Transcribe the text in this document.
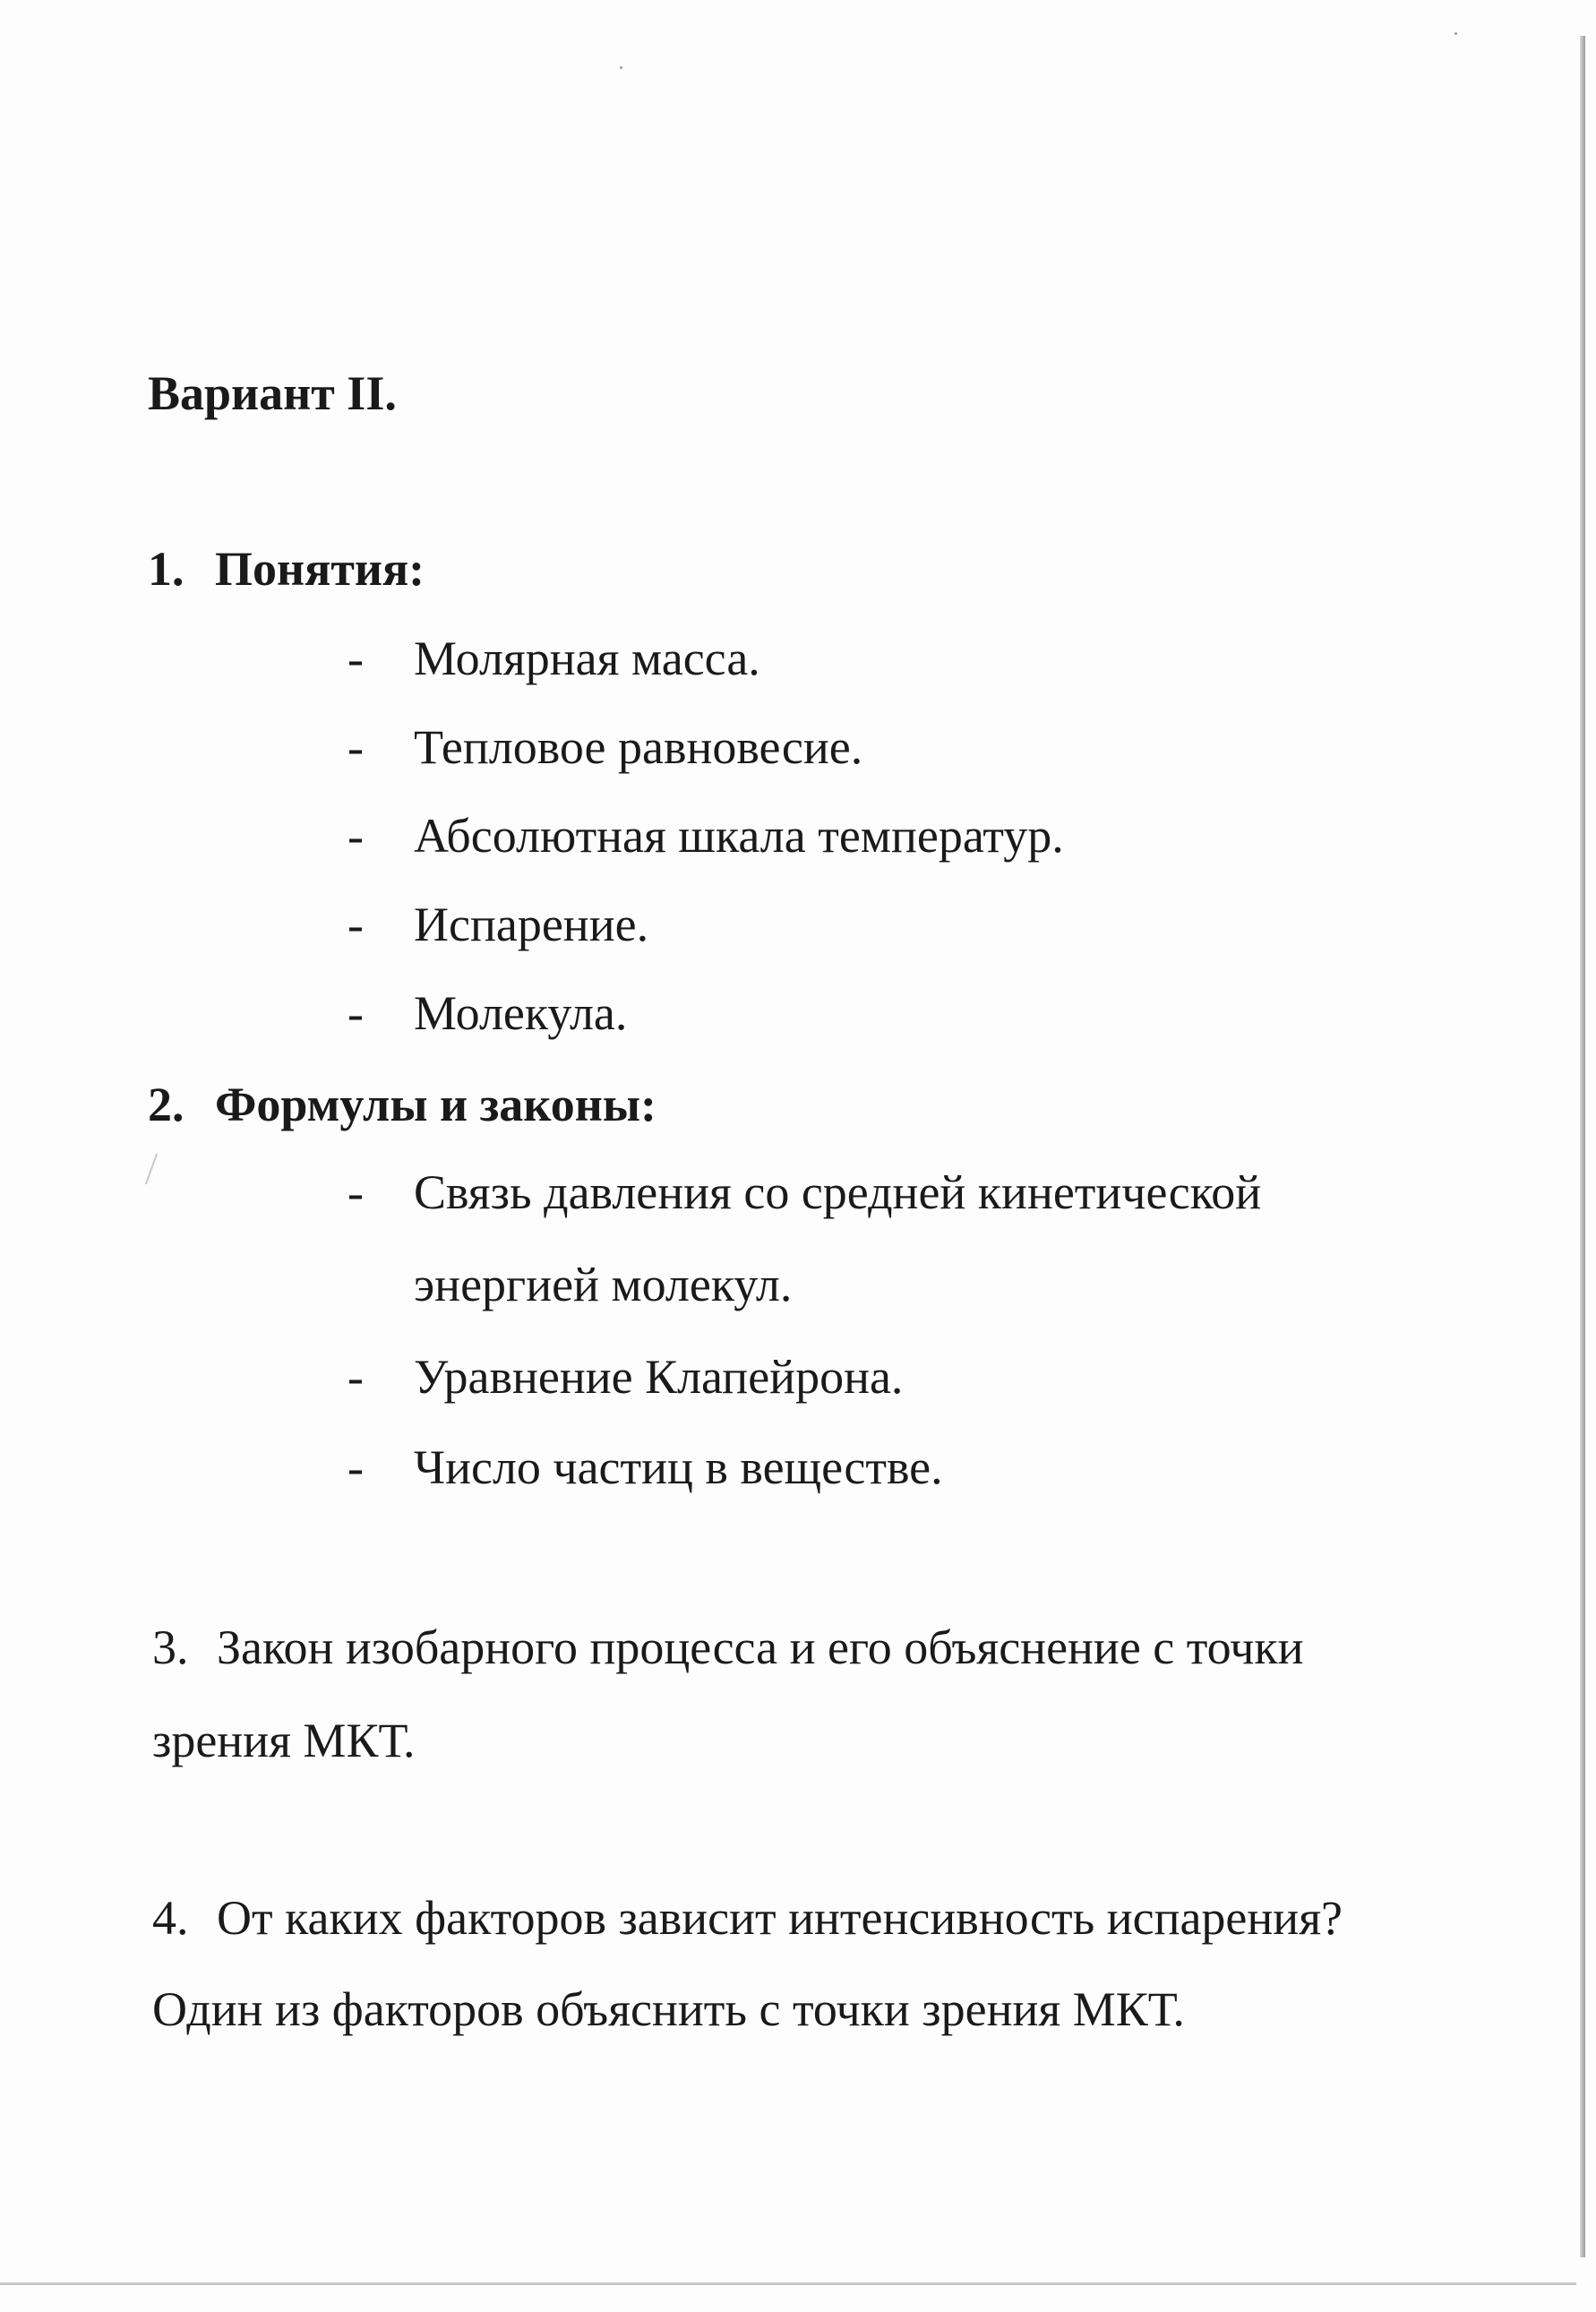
Вариант II.
1. Понятия:
- Молярная масса.
- Тепловое равновесие.
- Абсолютная шкала температур.
- Испарение.
- Молекула.
2. Формулы и законы:
- Связь давления со средней кинетической
энергией молекул.
- Уравнение Клапейрона.
- Число частиц в веществе.
3. Закон изобарного процесса и его объяснение с точки
зрения МКТ.
4. От каких факторов зависит интенсивность испарения?
Один из факторов объяснить с точки зрения МКТ.
